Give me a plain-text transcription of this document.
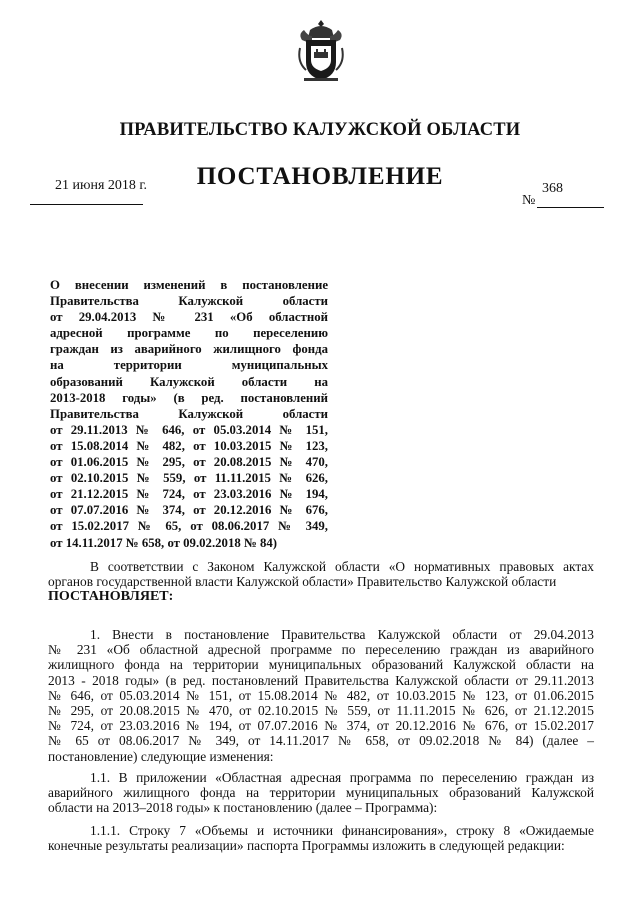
ПРАВИТЕЛЬСТВО КАЛУЖСКОЙ ОБЛАСТИ
ПОСТАНОВЛЕНИЕ
21 июня 2018 г.
№
368
О внесении изменений в постановление
Правительства Калужской области
от 29.04.2013 № 231 «Об областной
адресной программе по переселению
граждан из аварийного жилищного фонда
на территории муниципальных
образований Калужской области на
2013-2018 годы» (в ред. постановлений
Правительства Калужской области
от 29.11.2013 № 646, от 05.03.2014 № 151,
от 15.08.2014 № 482, от 10.03.2015 № 123,
от 01.06.2015 № 295, от 20.08.2015 № 470,
от 02.10.2015 № 559, от 11.11.2015 № 626,
от 21.12.2015 № 724, от 23.03.2016 № 194,
от 07.07.2016 № 374, от 20.12.2016 № 676,
от 15.02.2017 № 65, от 08.06.2017 № 349,
от 14.11.2017 № 658, от 09.02.2018 № 84)
В соответствии с Законом Калужской области «О нормативных правовых актах
органов государственной власти Калужской области» Правительство Калужской области
ПОСТАНОВЛЯЕТ:
1. Внести в постановление Правительства Калужской области от 29.04.2013
№ 231 «Об областной адресной программе по переселению граждан из аварийного
жилищного фонда на территории муниципальных образований Калужской области на
2013 - 2018 годы» (в ред. постановлений Правительства Калужской области от 29.11.2013
№ 646, от 05.03.2014 № 151, от 15.08.2014 № 482, от 10.03.2015 № 123, от 01.06.2015
№ 295, от 20.08.2015 № 470, от 02.10.2015 № 559, от 11.11.2015 № 626, от 21.12.2015
№ 724, от 23.03.2016 № 194, от 07.07.2016 № 374, от 20.12.2016 № 676, от 15.02.2017
№ 65 от 08.06.2017 № 349, от 14.11.2017 № 658, от 09.02.2018 № 84) (далее –
постановление) следующие изменения:
1.1. В приложении «Областная адресная программа по переселению граждан из
аварийного жилищного фонда на территории муниципальных образований Калужской
области на 2013–2018 годы» к постановлению (далее – Программа):
1.1.1. Строку 7 «Объемы и источники финансирования», строку 8 «Ожидаемые
конечные результаты реализации» паспорта Программы изложить в следующей редакции:
